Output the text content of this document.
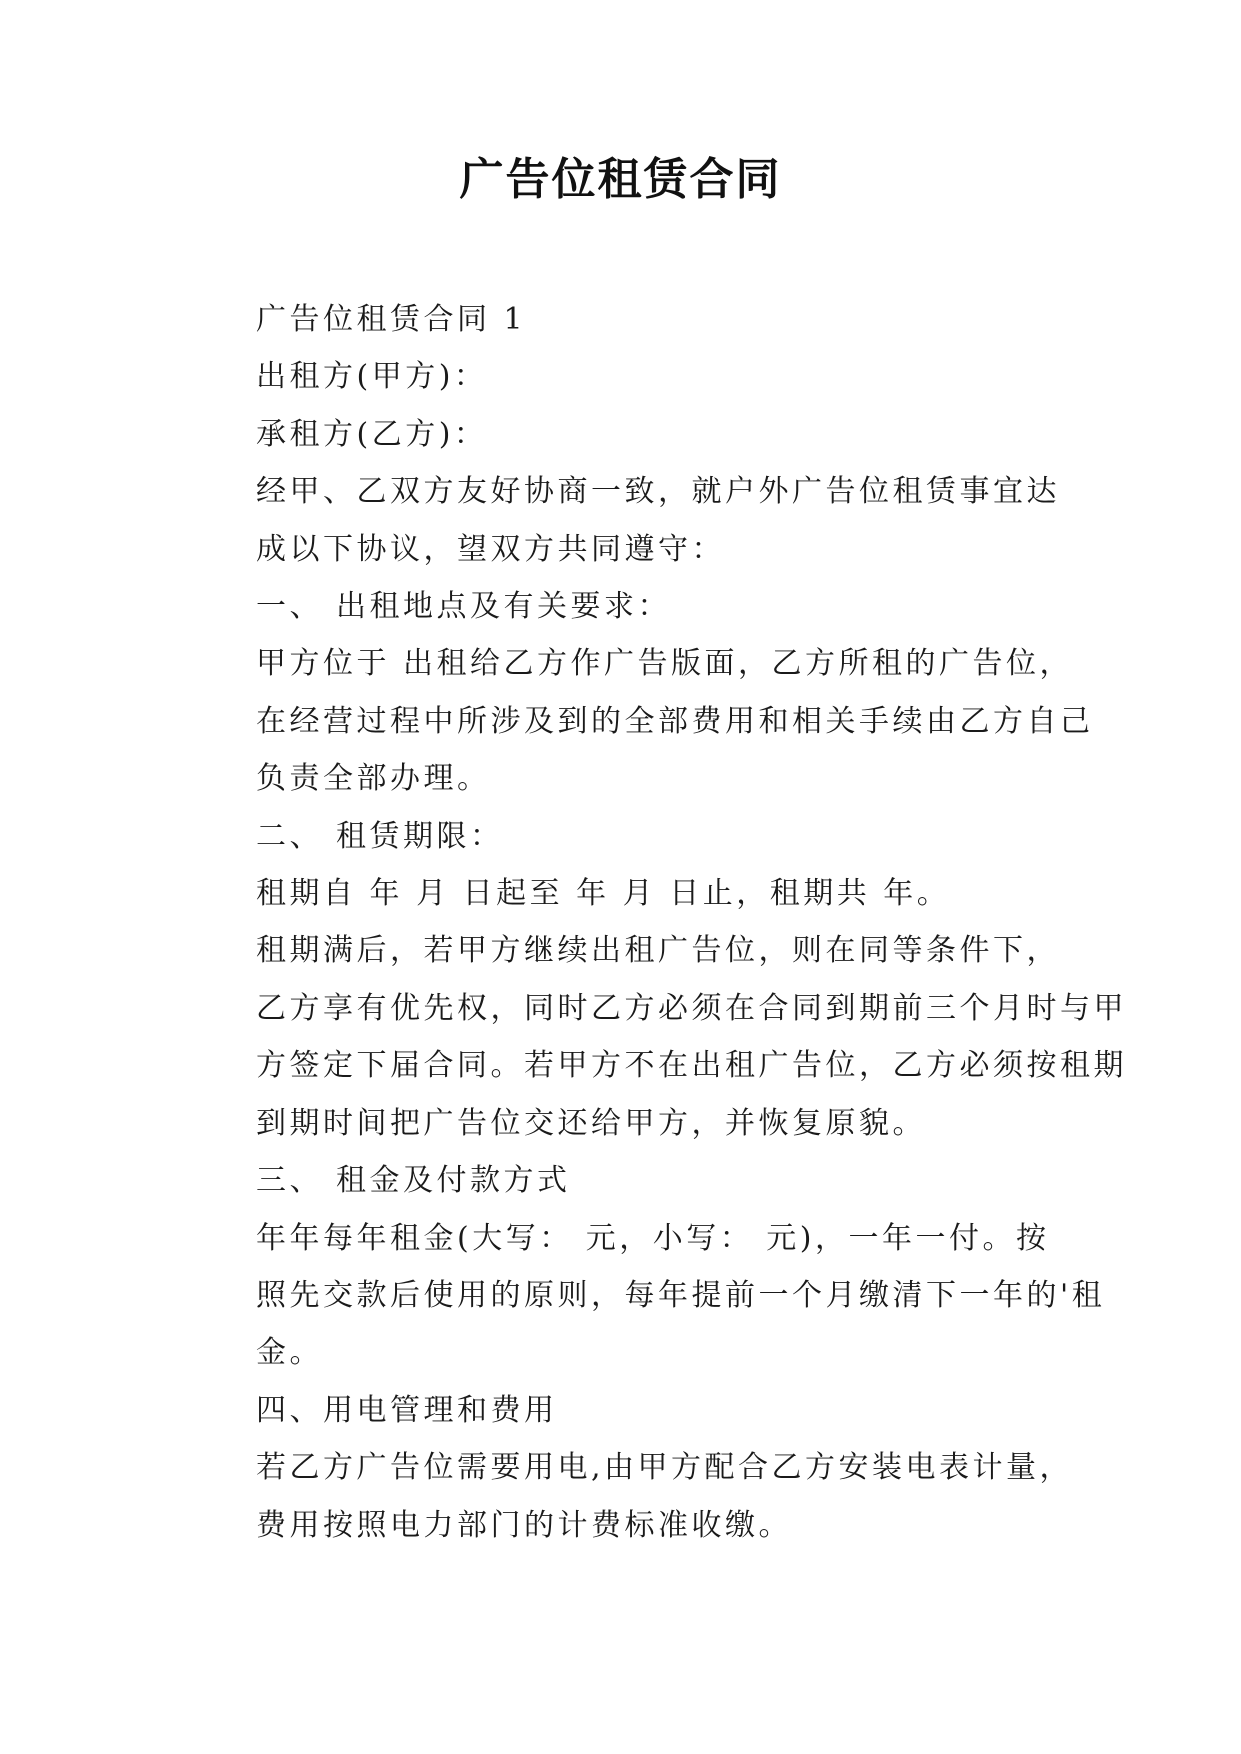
广告位租赁合同

广告位租赁合同 1

出租方(甲方)：

承租方(乙方)：

经甲、乙双方友好协商一致，就户外广告位租赁事宜达
成以下协议，望双方共同遵守：

一、 出租地点及有关要求：

甲方位于 出租给乙方作广告版面，乙方所租的广告位，
在经营过程中所涉及到的全部费用和相关手续由乙方自己
负责全部办理。

二、 租赁期限：

租期自 年 月 日起至 年 月 日止，租期共 年。

租期满后，若甲方继续出租广告位，则在同等条件下，
乙方享有优先权，同时乙方必须在合同到期前三个月时与甲
方签定下届合同。若甲方不在出租广告位，乙方必须按租期
到期时间把广告位交还给甲方，并恢复原貌。

三、 租金及付款方式

年年每年租金(大写： 元，小写： 元)，一年一付。按
照先交款后使用的原则，每年提前一个月缴清下一年的'租
金。

四、用电管理和费用

若乙方广告位需要用电,由甲方配合乙方安装电表计量，
费用按照电力部门的计费标准收缴。
